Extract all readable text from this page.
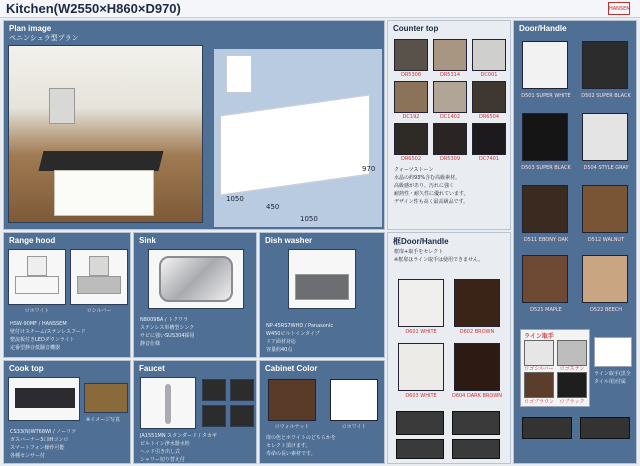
Kitchen(W2550×H860×D970)	HANSEM
Plan image
ペニンシュラ型プラン
970
1050
450
1050
Counter top
DR5308	DR5314	DC001
DC192	DC1402	DR6504
DR6502	DR5309	DC7401
クォーツストーン
水晶の約93%含む高級素材。
高級感があり、汚れに強く
耐熱性・耐久性に優れています。
デザイン性も高く最高級品です。
Door/Handle
D501 SUPER WHITE	D502 SUPER BLACK
D503 SUPER BLACK	D504 STYLE GRAY
D511 EBONY OAK	D512 WALNUT
D521 MAPLE	D522 BEECH
ライン取手
ロゴシルバー	ロゴステン
ロゴブラウン	ロブラック
ライン取手(黒全
タイル用)付属
Range hood
ロホワイト	ロシルバー
HSW-90MF / HANSSEM
壁付けスチーム/ステンレスフード
整流板付きLEDダウンライト
定番型静音低騒音機器
Sink
N8009BA / トクワラ
ステンレス単槽型シンク
サビに強いSUS304採用
静音仕様
Dish washer
NP-45RS7WHD / Panasonic
W450ビルトインタイプ
ドア面材対応
容量約40点
框Door/Handle
框扉+取手をセレクト
※框扉はライン取手は使用できません。
D601 WHITE	D602 BROWN
D603 WHITE	D604 DARK BROWN
Cook top
※イメージ写真
CS33(N)WT68WI / ノーリツ
ガスバーナー3口IHコンロ
スマートフォン操作可能
各種センサー付
Faucet
JA1551MN スタンダード / タカギ
ビルトイン浄水器水栓
ヘッド引き出し式
シャワー切り替え付
Cabinet Color
ロウォルナット	ロホワイト
扉の色とホワイトのどちらかを
セレクト頂けます。
寿命の長い素材です。
